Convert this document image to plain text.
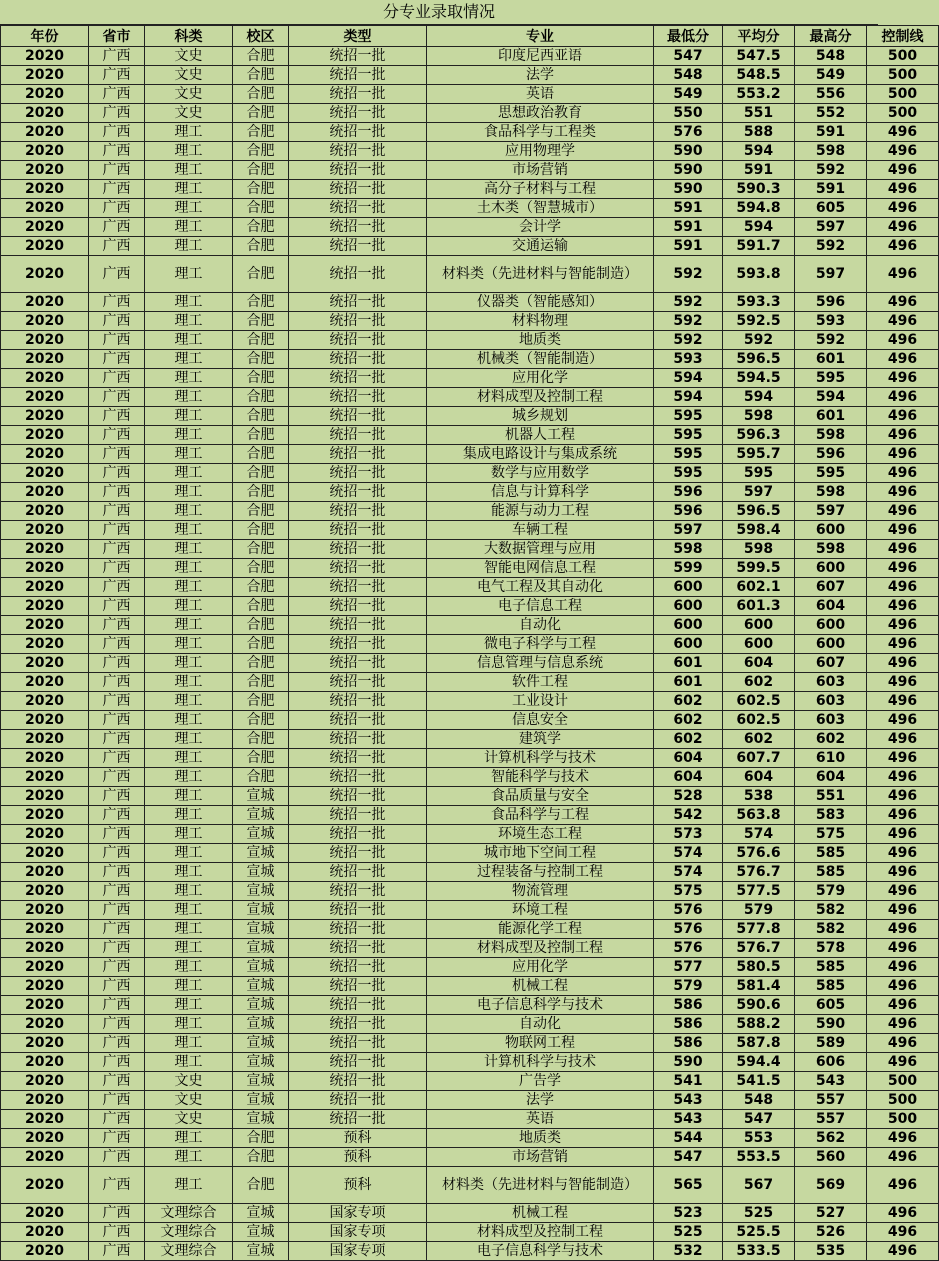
分专业录取情况
年份	省市	科类	校区	类型	专业	最低分	平均分	最高分	控制线
2020	广西	文史	合肥	统招一批	印度尼西亚语	547	547.5	548	500
2020	广西	文史	合肥	统招一批	法学	548	548.5	549	500
2020	广西	文史	合肥	统招一批	英语	549	553.2	556	500
2020	广西	文史	合肥	统招一批	思想政治教育	550	551	552	500
2020	广西	理工	合肥	统招一批	食品科学与工程类	576	588	591	496
2020	广西	理工	合肥	统招一批	应用物理学	590	594	598	496
2020	广西	理工	合肥	统招一批	市场营销	590	591	592	496
2020	广西	理工	合肥	统招一批	高分子材料与工程	590	590.3	591	496
2020	广西	理工	合肥	统招一批	土木类（智慧城市）	591	594.8	605	496
2020	广西	理工	合肥	统招一批	会计学	591	594	597	496
2020	广西	理工	合肥	统招一批	交通运输	591	591.7	592	496
2020	广西	理工	合肥	统招一批	材料类（先进材料与智能制造）	592	593.8	597	496
2020	广西	理工	合肥	统招一批	仪器类（智能感知）	592	593.3	596	496
2020	广西	理工	合肥	统招一批	材料物理	592	592.5	593	496
2020	广西	理工	合肥	统招一批	地质类	592	592	592	496
2020	广西	理工	合肥	统招一批	机械类（智能制造）	593	596.5	601	496
2020	广西	理工	合肥	统招一批	应用化学	594	594.5	595	496
2020	广西	理工	合肥	统招一批	材料成型及控制工程	594	594	594	496
2020	广西	理工	合肥	统招一批	城乡规划	595	598	601	496
2020	广西	理工	合肥	统招一批	机器人工程	595	596.3	598	496
2020	广西	理工	合肥	统招一批	集成电路设计与集成系统	595	595.7	596	496
2020	广西	理工	合肥	统招一批	数学与应用数学	595	595	595	496
2020	广西	理工	合肥	统招一批	信息与计算科学	596	597	598	496
2020	广西	理工	合肥	统招一批	能源与动力工程	596	596.5	597	496
2020	广西	理工	合肥	统招一批	车辆工程	597	598.4	600	496
2020	广西	理工	合肥	统招一批	大数据管理与应用	598	598	598	496
2020	广西	理工	合肥	统招一批	智能电网信息工程	599	599.5	600	496
2020	广西	理工	合肥	统招一批	电气工程及其自动化	600	602.1	607	496
2020	广西	理工	合肥	统招一批	电子信息工程	600	601.3	604	496
2020	广西	理工	合肥	统招一批	自动化	600	600	600	496
2020	广西	理工	合肥	统招一批	微电子科学与工程	600	600	600	496
2020	广西	理工	合肥	统招一批	信息管理与信息系统	601	604	607	496
2020	广西	理工	合肥	统招一批	软件工程	601	602	603	496
2020	广西	理工	合肥	统招一批	工业设计	602	602.5	603	496
2020	广西	理工	合肥	统招一批	信息安全	602	602.5	603	496
2020	广西	理工	合肥	统招一批	建筑学	602	602	602	496
2020	广西	理工	合肥	统招一批	计算机科学与技术	604	607.7	610	496
2020	广西	理工	合肥	统招一批	智能科学与技术	604	604	604	496
2020	广西	理工	宣城	统招一批	食品质量与安全	528	538	551	496
2020	广西	理工	宣城	统招一批	食品科学与工程	542	563.8	583	496
2020	广西	理工	宣城	统招一批	环境生态工程	573	574	575	496
2020	广西	理工	宣城	统招一批	城市地下空间工程	574	576.6	585	496
2020	广西	理工	宣城	统招一批	过程装备与控制工程	574	576.7	585	496
2020	广西	理工	宣城	统招一批	物流管理	575	577.5	579	496
2020	广西	理工	宣城	统招一批	环境工程	576	579	582	496
2020	广西	理工	宣城	统招一批	能源化学工程	576	577.8	582	496
2020	广西	理工	宣城	统招一批	材料成型及控制工程	576	576.7	578	496
2020	广西	理工	宣城	统招一批	应用化学	577	580.5	585	496
2020	广西	理工	宣城	统招一批	机械工程	579	581.4	585	496
2020	广西	理工	宣城	统招一批	电子信息科学与技术	586	590.6	605	496
2020	广西	理工	宣城	统招一批	自动化	586	588.2	590	496
2020	广西	理工	宣城	统招一批	物联网工程	586	587.8	589	496
2020	广西	理工	宣城	统招一批	计算机科学与技术	590	594.4	606	496
2020	广西	文史	宣城	统招一批	广告学	541	541.5	543	500
2020	广西	文史	宣城	统招一批	法学	543	548	557	500
2020	广西	文史	宣城	统招一批	英语	543	547	557	500
2020	广西	理工	合肥	预科	地质类	544	553	562	496
2020	广西	理工	合肥	预科	市场营销	547	553.5	560	496
2020	广西	理工	合肥	预科	材料类（先进材料与智能制造）	565	567	569	496
2020	广西	文理综合	宣城	国家专项	机械工程	523	525	527	496
2020	广西	文理综合	宣城	国家专项	材料成型及控制工程	525	525.5	526	496
2020	广西	文理综合	宣城	国家专项	电子信息科学与技术	532	533.5	535	496
